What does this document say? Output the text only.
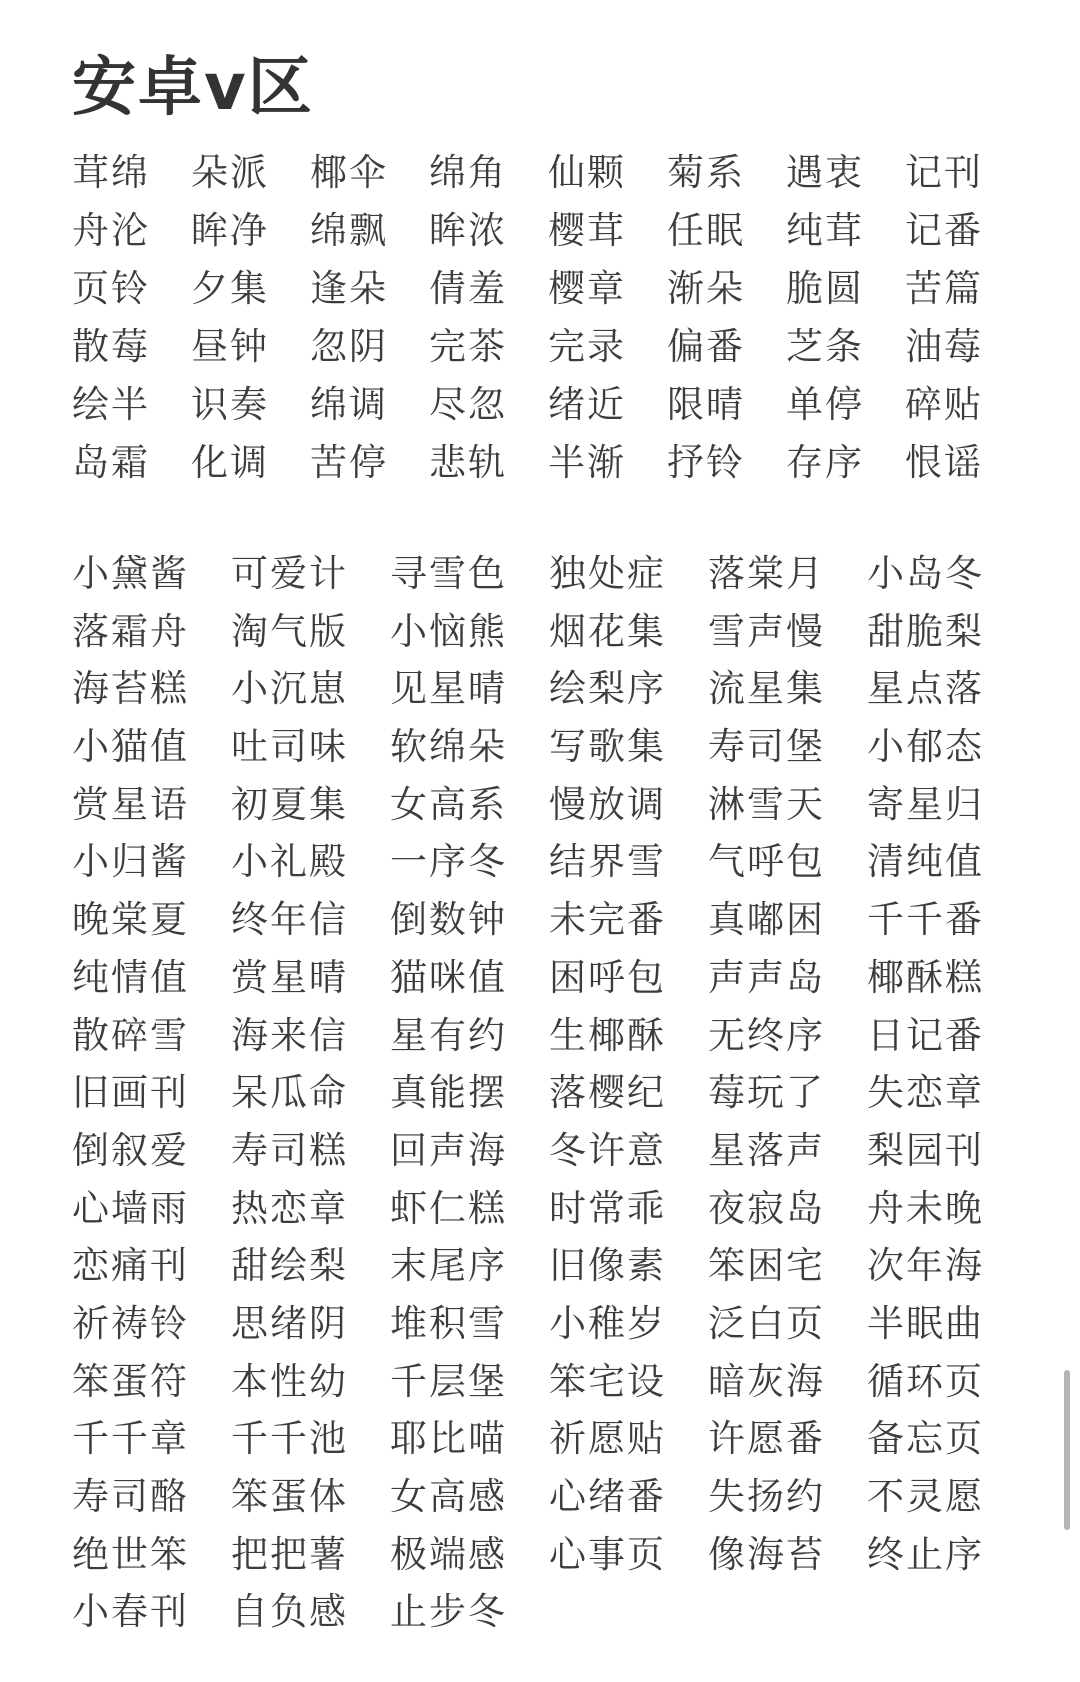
安卓v区
茸绵	朵派	椰伞	绵角	仙颗	菊系	遇衷	记刊
舟沦	眸净	绵飘	眸浓	樱茸	任眠	纯茸	记番
页铃	夕集	逢朵	倩羞	樱章	渐朵	脆圆	苦篇
散莓	昼钟	忽阴	完茶	完录	偏番	芝条	油莓
绘半	识奏	绵调	尽忽	绪近	限晴	单停	碎贴
岛霜	化调	苦停	悲轨	半渐	抒铃	存序	恨谣
小黛酱	可爱计	寻雪色	独处症	落棠月	小岛冬
落霜舟	淘气版	小恼熊	烟花集	雪声慢	甜脆梨
海苔糕	小沉崽	见星晴	绘梨序	流星集	星点落
小猫值	吐司味	软绵朵	写歌集	寿司堡	小郁态
赏星语	初夏集	女高系	慢放调	淋雪天	寄星归
小归酱	小礼殿	一序冬	结界雪	气呼包	清纯值
晚棠夏	终年信	倒数钟	未完番	真嘟困	千千番
纯情值	赏星晴	猫咪值	困呼包	声声岛	椰酥糕
散碎雪	海来信	星有约	生椰酥	无终序	日记番
旧画刊	呆瓜命	真能摆	落樱纪	莓玩了	失恋章
倒叙爱	寿司糕	回声海	冬许意	星落声	梨园刊
心墙雨	热恋章	虾仁糕	时常乖	夜寂岛	舟未晚
恋痛刊	甜绘梨	末尾序	旧像素	笨困宅	次年海
祈祷铃	思绪阴	堆积雪	小稚岁	泛白页	半眠曲
笨蛋符	本性幼	千层堡	笨宅设	暗灰海	循环页
千千章	千千池	耶比喵	祈愿贴	许愿番	备忘页
寿司酪	笨蛋体	女高感	心绪番	失扬约	不灵愿
绝世笨	把把薯	极端感	心事页	像海苔	终止序
小春刊	自负感	止步冬
